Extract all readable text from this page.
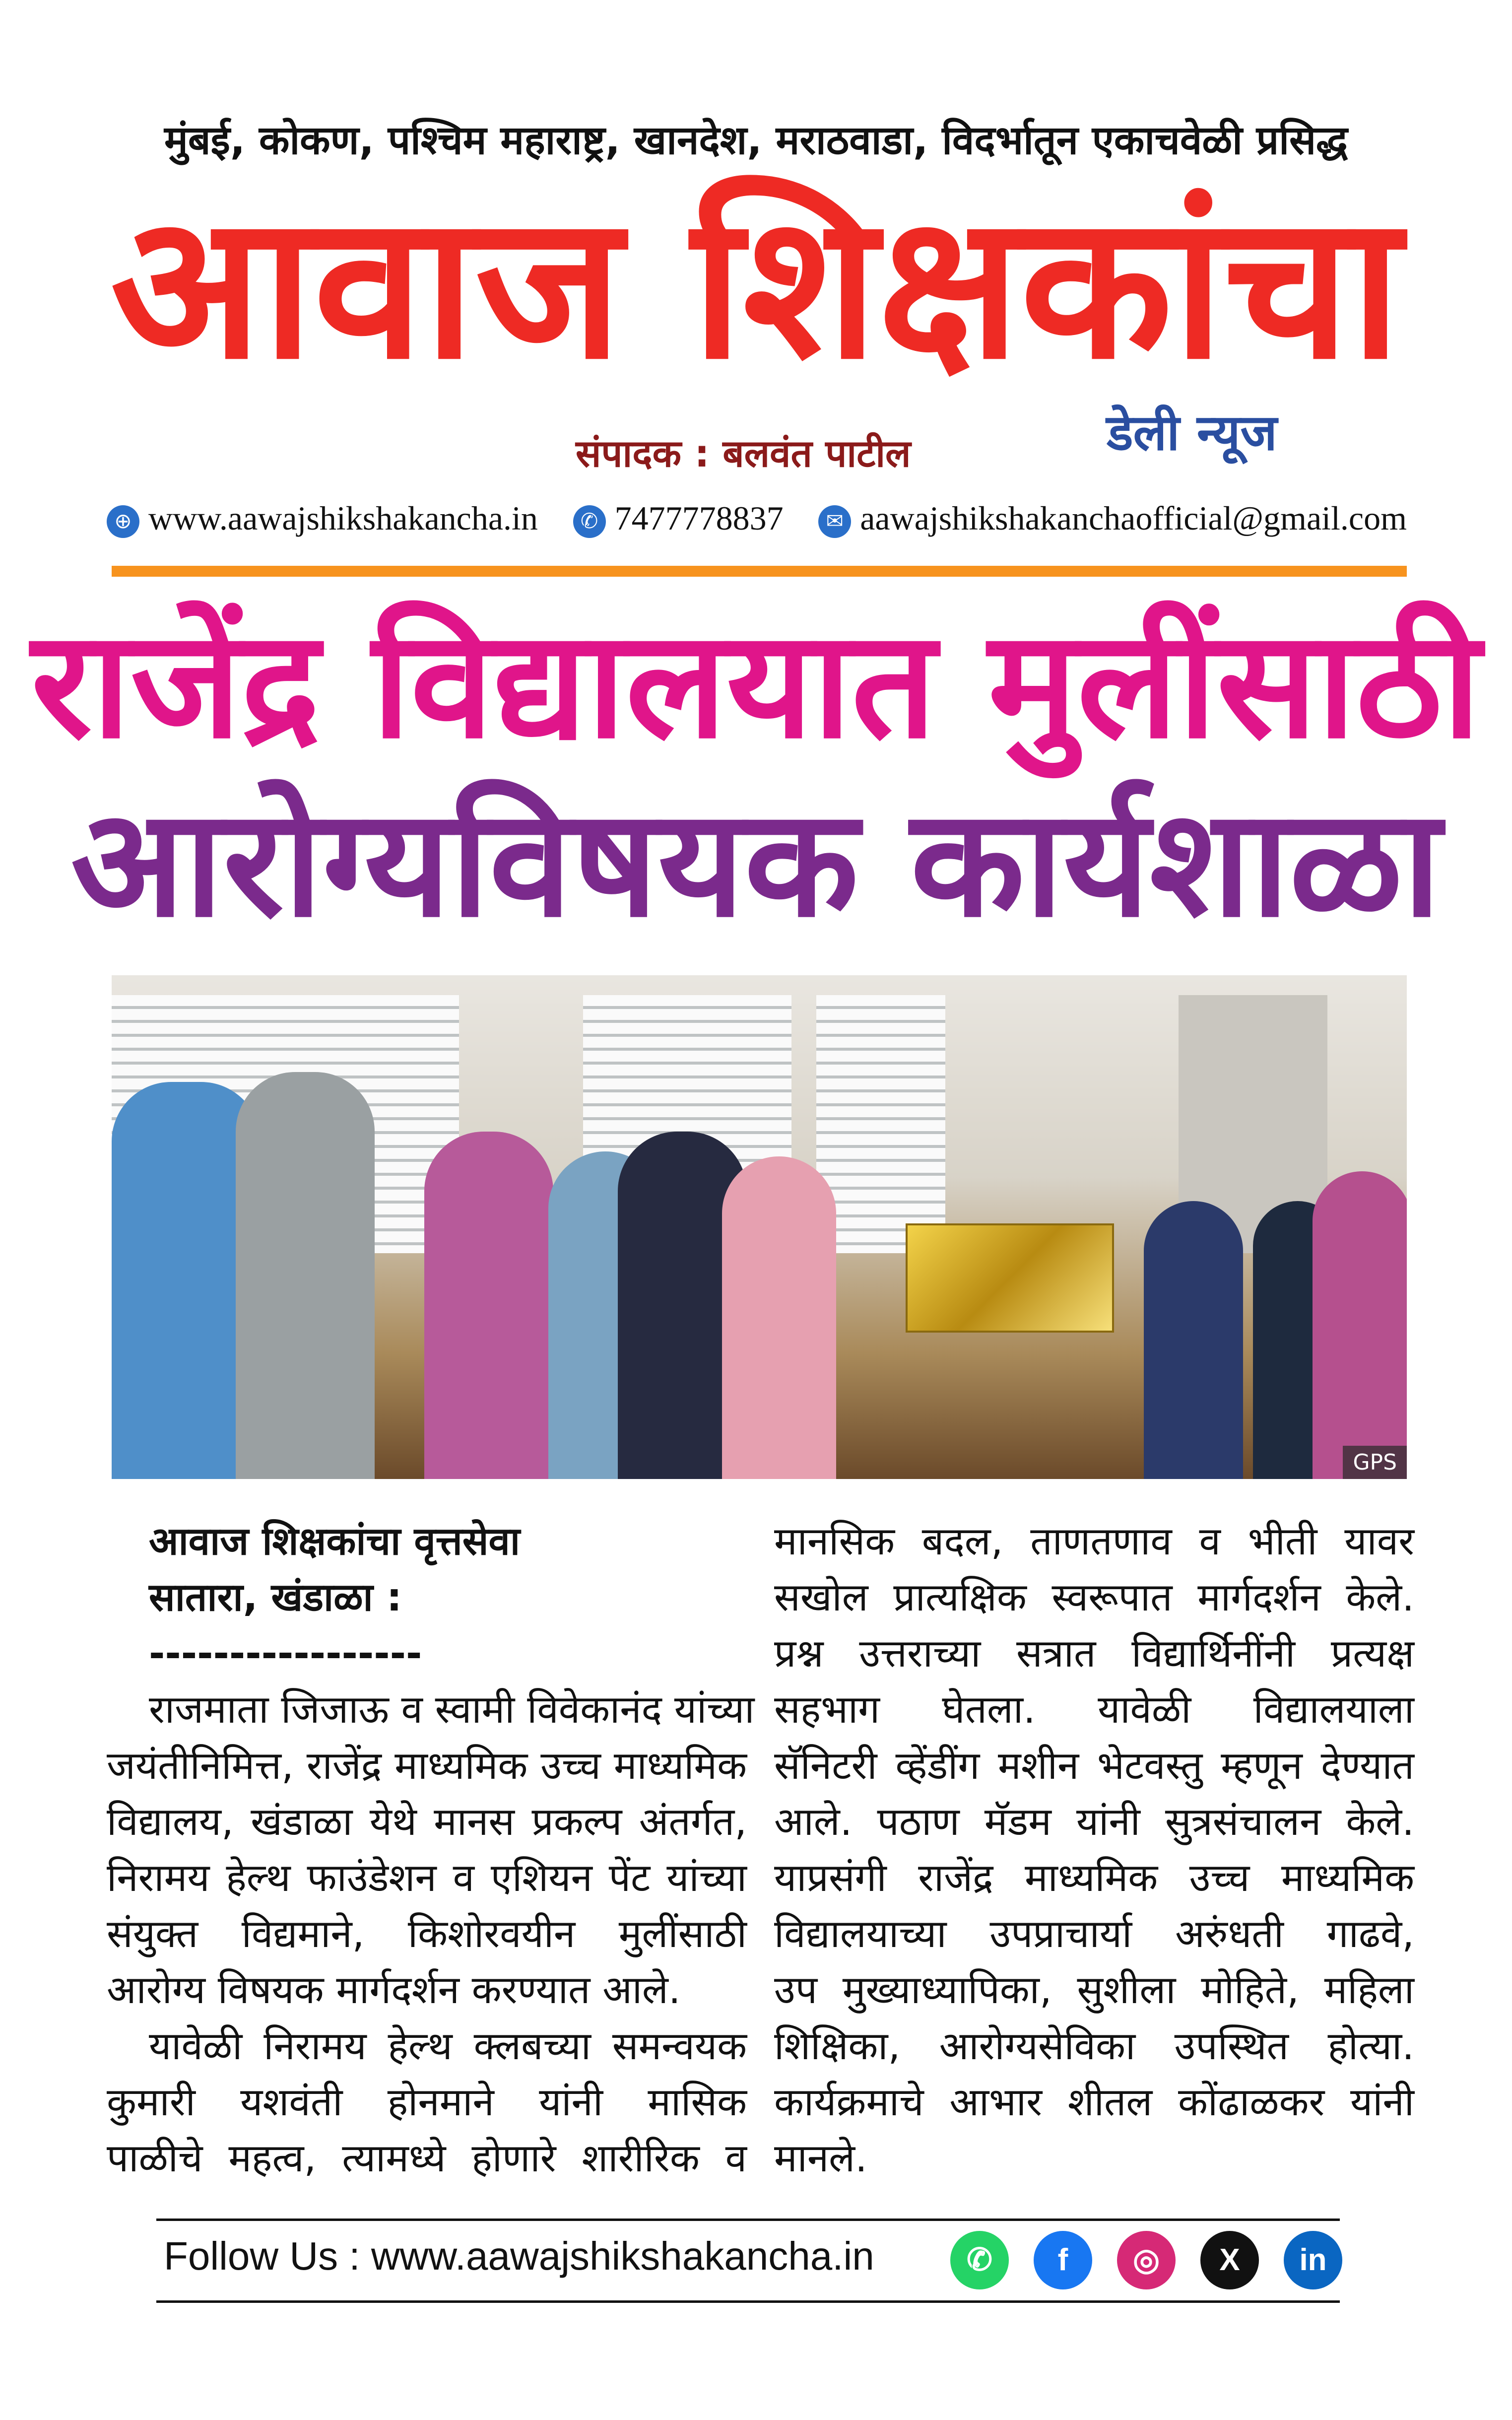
मुंबई, कोकण, पश्चिम महाराष्ट्र, खानदेश, मराठवाडा, विदर्भातून एकाचवेळी प्रसिद्ध
आवाज शिक्षकांचा
संपादक : बलवंत पाटील	डेली न्यूज
⊕ www.aawajshikshakancha.in	✆ 7477778837	✉ aawajshikshakanchaofficial@gmail.com
राजेंद्र विद्यालयात मुलींसाठी
आरोग्यविषयक कार्यशाळा
GPS
आवाज शिक्षकांचा वृत्तसेवा
सातारा, खंडाळा :
-----------------
राजमाता जिजाऊ व स्वामी विवेकानंद यांच्या
जयंतीनिमित्त, राजेंद्र माध्यमिक उच्च माध्यमिक
विद्यालय, खंडाळा येथे मानस प्रकल्प अंतर्गत,
निरामय हेल्थ फाउंडेशन व एशियन पेंट यांच्या
संयुक्त विद्यमाने, किशोरवयीन मुलींसाठी
आरोग्य विषयक मार्गदर्शन करण्यात आले.
यावेळी निरामय हेल्थ क्लबच्या समन्वयक
कुमारी यशवंती होनमाने यांनी मासिक
पाळीचे महत्व, त्यामध्ये होणारे शारीरिक व
मानसिक बदल, ताणतणाव व भीती यावर
सखोल प्रात्यक्षिक स्वरूपात मार्गदर्शन केले.
प्रश्न उत्तराच्या सत्रात विद्यार्थिनींनी प्रत्यक्ष
सहभाग घेतला. यावेळी विद्यालयाला
सॅनिटरी व्हेंडींग मशीन भेटवस्तु म्हणून देण्यात
आले. पठाण मॅडम यांनी सुत्रसंचालन केले.
याप्रसंगी राजेंद्र माध्यमिक उच्च माध्यमिक
विद्यालयाच्या उपप्राचार्या अरुंधती गाढवे,
उप मुख्याध्यापिका, सुशीला मोहिते, महिला
शिक्षिका, आरोग्यसेविका उपस्थित होत्या.
कार्यक्रमाचे आभार शीतल कोंढाळकर यांनी
मानले.
Follow Us : www.aawajshikshakancha.in	✆	f	◎	X	in
